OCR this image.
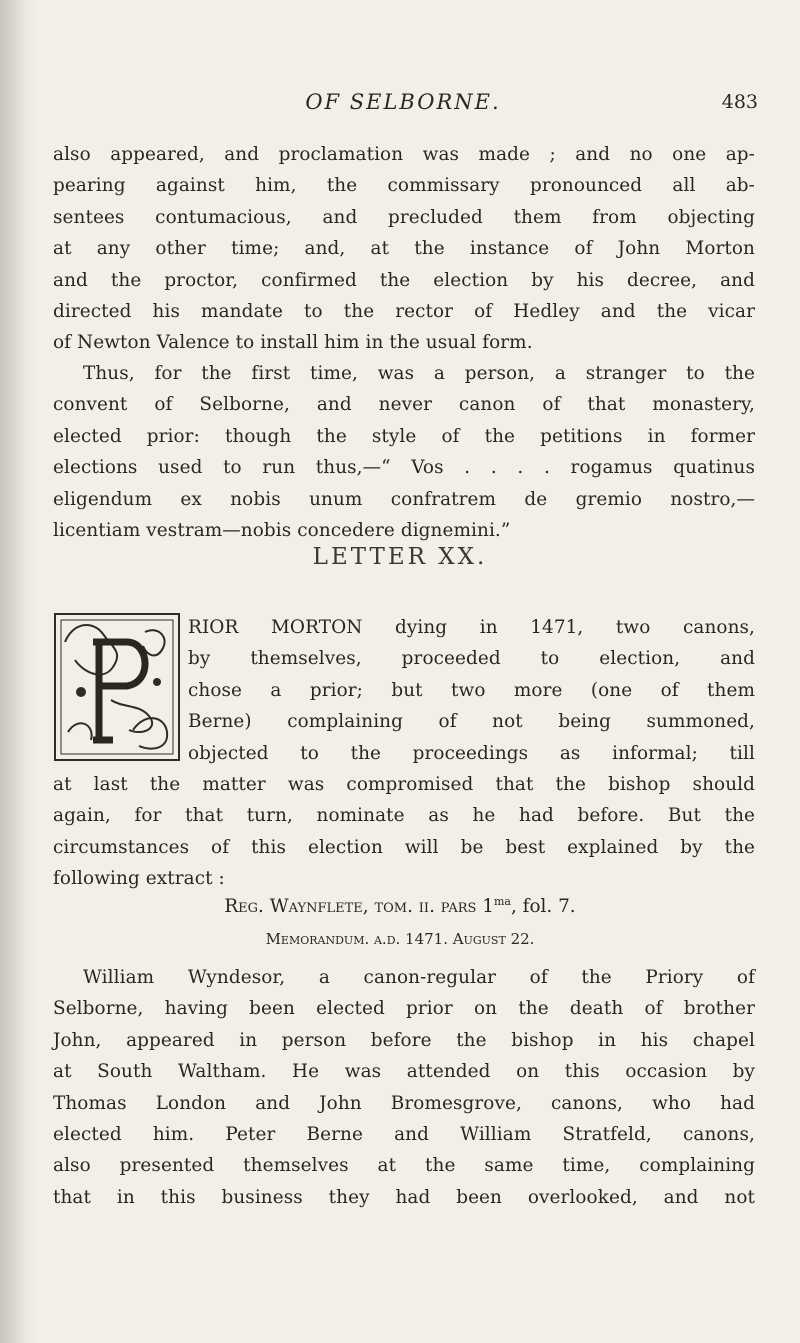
OF SELBORNE.	483

also appeared, and proclamation was made ; and no one ap-
pearing against him, the commissary pronounced all ab-
sentees contumacious, and precluded them from objecting
at any other time; and, at the instance of John Morton
and the proctor, confirmed the election by his decree, and
directed his mandate to the rector of Hedley and the vicar
of Newton Valence to install him in the usual form.

Thus, for the first time, was a person, a stranger to the
convent of Selborne, and never canon of that monastery,
elected prior: though the style of the petitions in former
elections used to run thus,—“ Vos . . . . rogamus quatinus
eligendum ex nobis unum confratrem de gremio nostro,—
licentiam vestram—nobis concedere dignemini.”

LETTER XX.

RIOR MORTON dying in 1471, two canons,
by themselves, proceeded to election, and
chose a prior; but two more (one of them
Berne) complaining of not being summoned,
objected to the proceedings as informal; till
at last the matter was compromised that the bishop should
again, for that turn, nominate as he had before. But the
circumstances of this election will be best explained by the
following extract :

Reg. Waynflete, tom. ii. pars $1^{ma}$, fol. 7.
Memorandum. a.d. 1471. August 22.

William Wyndesor, a canon-regular of the Priory of
Selborne, having been elected prior on the death of brother
John, appeared in person before the bishop in his chapel
at South Waltham. He was attended on this occasion by
Thomas London and John Bromesgrove, canons, who had
elected him. Peter Berne and William Stratfeld, canons,
also presented themselves at the same time, complaining
that in this business they had been overlooked, and not
